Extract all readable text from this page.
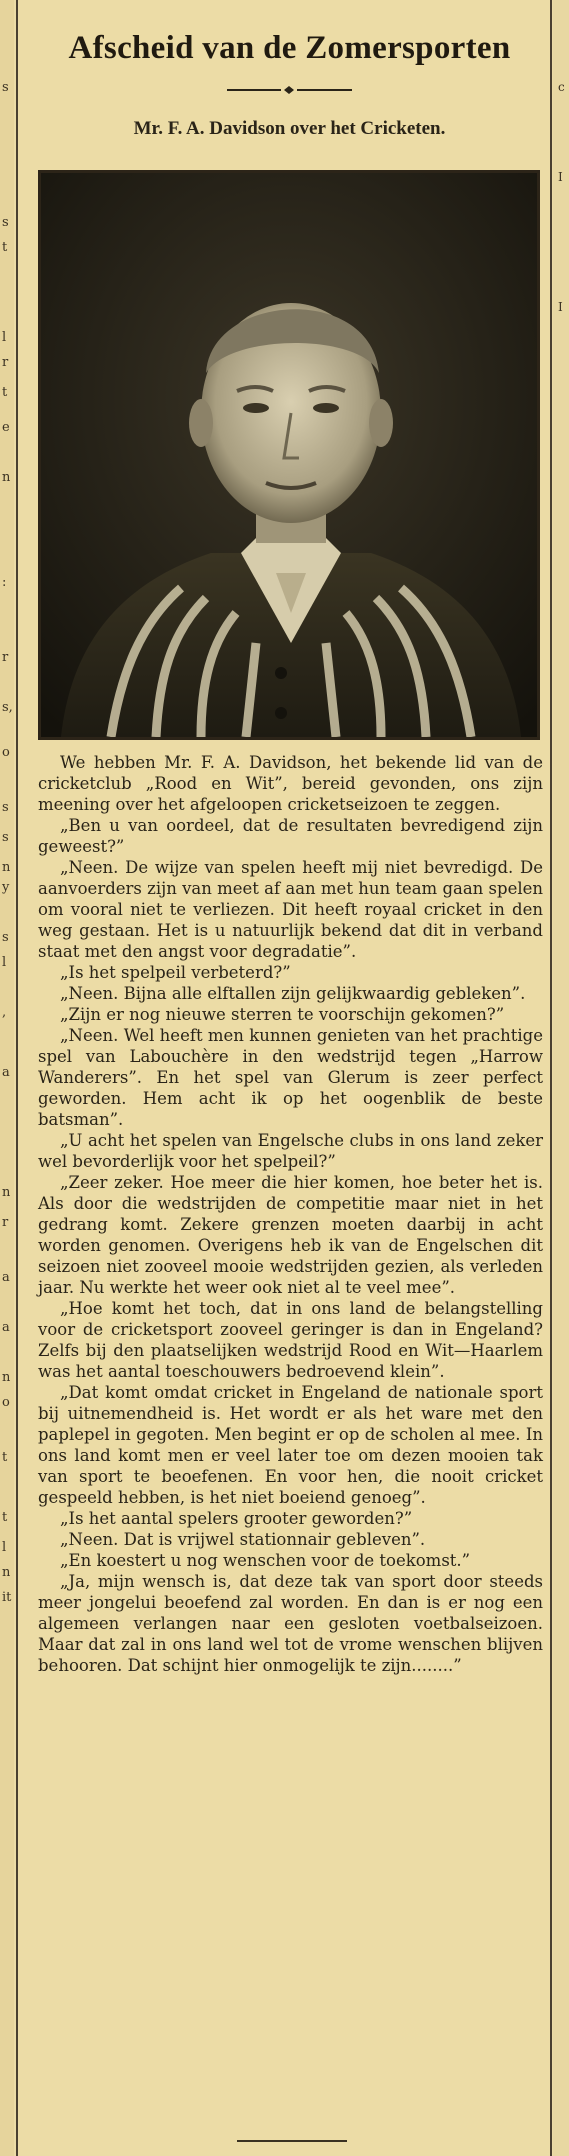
s
s
t
l
r
t
e
n
:
r
s,
o
s
s
n
y
s
l
,
a
n
r
a
a
n
o
t
t
l
n
it
c
I
I
Afscheid van de Zomersporten
Mr. F. A. Davidson over het Cricketen.

We hebben Mr. F. A. Davidson, het bekende lid van de cricketclub „Rood en Wit”, bereid gevonden, ons zijn meening over het afgeloopen cricketseizoen te zeggen.

„Ben u van oordeel, dat de resultaten bevredigend zijn geweest?”

„Neen. De wijze van spelen heeft mij niet bevredigd. De aanvoerders zijn van meet af aan met hun team gaan spelen om vooral niet te verliezen. Dit heeft royaal cricket in den weg gestaan. Het is u natuurlijk bekend dat dit in verband staat met den angst voor degradatie”.

„Is het spelpeil verbeterd?”

„Neen. Bijna alle elftallen zijn gelijkwaardig gebleken”.

„Zijn er nog nieuwe sterren te voorschijn gekomen?”

„Neen. Wel heeft men kunnen genieten van het prachtige spel van Labouchère in den wedstrijd tegen „Harrow Wanderers”. En het spel van Glerum is zeer perfect geworden. Hem acht ik op het oogenblik de beste batsman”.

„U acht het spelen van Engelsche clubs in ons land zeker wel bevorderlijk voor het spelpeil?”

„Zeer zeker. Hoe meer die hier komen, hoe beter het is. Als door die wedstrijden de competitie maar niet in het gedrang komt. Zekere grenzen moeten daarbij in acht worden genomen. Overigens heb ik van de Engelschen dit seizoen niet zooveel mooie wedstrijden gezien, als verleden jaar. Nu werkte het weer ook niet al te veel mee”.

„Hoe komt het toch, dat in ons land de belangstelling voor de cricketsport zooveel geringer is dan in Engeland? Zelfs bij den plaatselijken wedstrijd Rood en Wit—Haarlem was het aantal toeschouwers bedroevend klein”.

„Dat komt omdat cricket in Engeland de nationale sport bij uitnemendheid is. Het wordt er als het ware met den paplepel in gegoten. Men begint er op de scholen al mee. In ons land komt men er veel later toe om dezen mooien tak van sport te beoefenen. En voor hen, die nooit cricket gespeeld hebben, is het niet boeiend genoeg”.

„Is het aantal spelers grooter geworden?”

„Neen. Dat is vrijwel stationnair gebleven”.

„En koestert u nog wenschen voor de toekomst.”

„Ja, mijn wensch is, dat deze tak van sport door steeds meer jongelui beoefend zal worden. En dan is er nog een algemeen verlangen naar een gesloten voetbalseizoen. Maar dat zal in ons land wel tot de vrome wenschen blijven behooren. Dat schijnt hier onmogelijk te zijn........”
